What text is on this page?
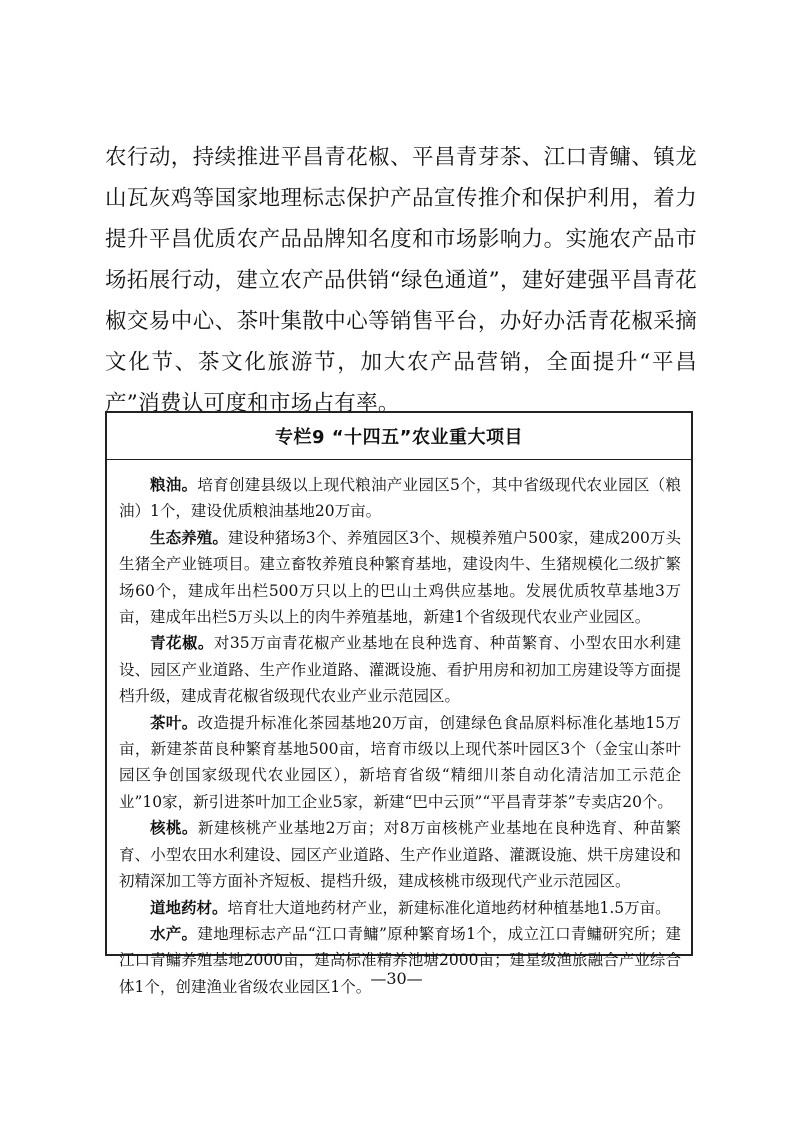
农行动，持续推进平昌青花椒、平昌青芽茶、江口青鳙、镇龙山瓦灰鸡等国家地理标志保护产品宣传推介和保护利用，着力提升平昌优质农产品品牌知名度和市场影响力。实施农产品市场拓展行动，建立农产品供销“绿色通道”，建好建强平昌青花椒交易中心、茶叶集散中心等销售平台，办好办活青花椒采摘文化节、茶文化旅游节，加大农产品营销，全面提升“平昌产”消费认可度和市场占有率。

专栏9 “十四五”农业重大项目

粮油。培育创建县级以上现代粮油产业园区5个，其中省级现代农业园区（粮油）1个，建设优质粮油基地20万亩。

生态养殖。建设种猪场3个、养殖园区3个、规模养殖户500家，建成200万头生猪全产业链项目。建立畜牧养殖良种繁育基地，建设肉牛、生猪规模化二级扩繁场60个，建成年出栏500万只以上的巴山土鸡供应基地。发展优质牧草基地3万亩，建成年出栏5万头以上的肉牛养殖基地，新建1个省级现代农业产业园区。

青花椒。对35万亩青花椒产业基地在良种选育、种苗繁育、小型农田水利建设、园区产业道路、生产作业道路、灌溉设施、看护用房和初加工房建设等方面提档升级，建成青花椒省级现代农业产业示范园区。

茶叶。改造提升标准化茶园基地20万亩，创建绿色食品原料标准化基地15万亩，新建茶苗良种繁育基地500亩，培育市级以上现代茶叶园区3个（金宝山茶叶园区争创国家级现代农业园区），新培育省级“精细川茶自动化清洁加工示范企业”10家，新引进茶叶加工企业5家，新建“巴中云顶”“平昌青芽茶”专卖店20个。

核桃。新建核桃产业基地2万亩；对8万亩核桃产业基地在良种选育、种苗繁育、小型农田水利建设、园区产业道路、生产作业道路、灌溉设施、烘干房建设和初精深加工等方面补齐短板、提档升级，建成核桃市级现代产业示范园区。

道地药材。培育壮大道地药材产业，新建标准化道地药材种植基地1.5万亩。

水产。建地理标志产品“江口青鳙”原种繁育场1个，成立江口青鳙研究所；建江口青鳙养殖基地2000亩，建高标准精养池塘2000亩；建星级渔旅融合产业综合体1个，创建渔业省级农业园区1个。 —30—
